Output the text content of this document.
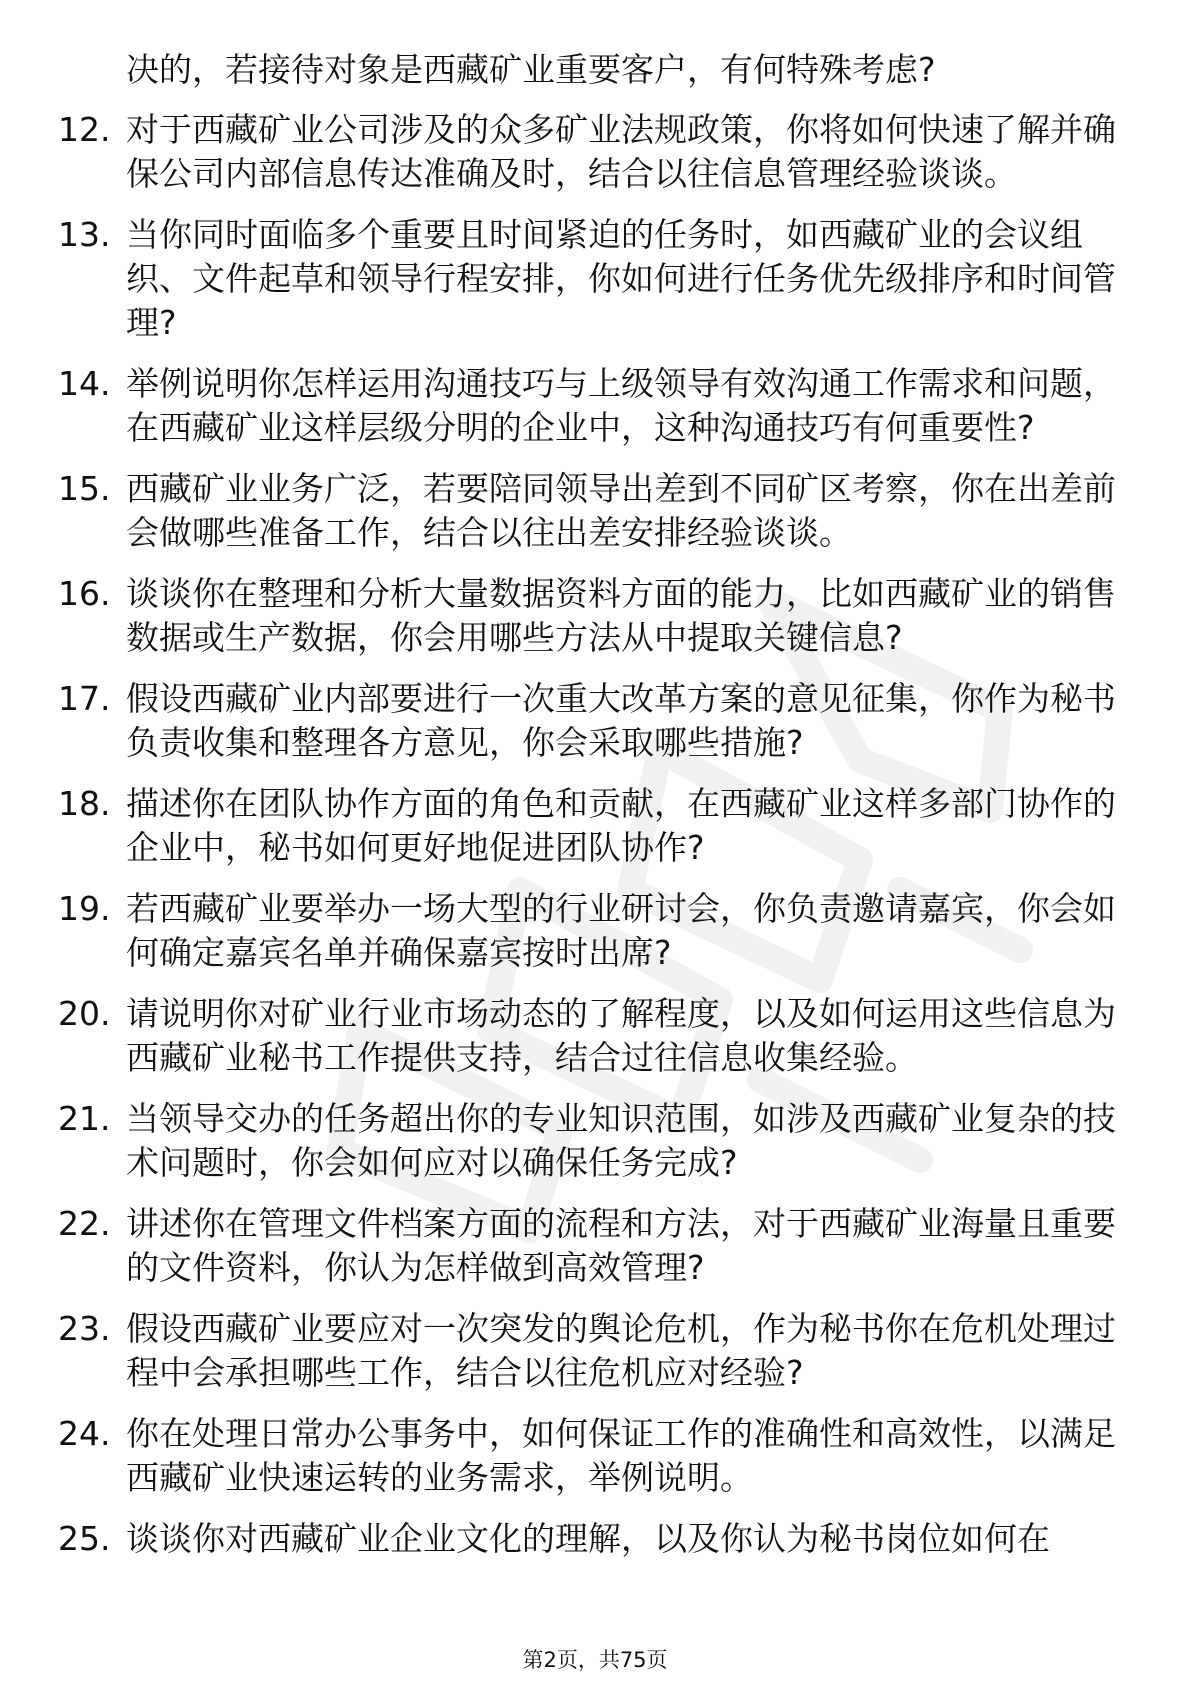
决的，若接待对象是西藏矿业重要客户，有何特殊考虑?

12. 对于西藏矿业公司涉及的众多矿业法规政策，你将如何快速了解并确保公司内部信息传达准确及时，结合以往信息管理经验谈谈。
13. 当你同时面临多个重要且时间紧迫的任务时，如西藏矿业的会议组织、文件起草和领导行程安排，你如何进行任务优先级排序和时间管理?
14. 举例说明你怎样运用沟通技巧与上级领导有效沟通工作需求和问题，在西藏矿业这样层级分明的企业中，这种沟通技巧有何重要性?
15. 西藏矿业业务广泛，若要陪同领导出差到不同矿区考察，你在出差前会做哪些准备工作，结合以往出差安排经验谈谈。
16. 谈谈你在整理和分析大量数据资料方面的能力，比如西藏矿业的销售数据或生产数据，你会用哪些方法从中提取关键信息?
17. 假设西藏矿业内部要进行一次重大改革方案的意见征集，你作为秘书负责收集和整理各方意见，你会采取哪些措施?
18. 描述你在团队协作方面的角色和贡献，在西藏矿业这样多部门协作的企业中，秘书如何更好地促进团队协作?
19. 若西藏矿业要举办一场大型的行业研讨会，你负责邀请嘉宾，你会如何确定嘉宾名单并确保嘉宾按时出席?
20. 请说明你对矿业行业市场动态的了解程度，以及如何运用这些信息为西藏矿业秘书工作提供支持，结合过往信息收集经验。
21. 当领导交办的任务超出你的专业知识范围，如涉及西藏矿业复杂的技术问题时，你会如何应对以确保任务完成?
22. 讲述你在管理文件档案方面的流程和方法，对于西藏矿业海量且重要的文件资料，你认为怎样做到高效管理?
23. 假设西藏矿业要应对一次突发的舆论危机，作为秘书你在危机处理过程中会承担哪些工作，结合以往危机应对经验?
24. 你在处理日常办公事务中，如何保证工作的准确性和高效性，以满足西藏矿业快速运转的业务需求，举例说明。
25. 谈谈你对西藏矿业企业文化的理解，以及你认为秘书岗位如何在
第2页，共75页
